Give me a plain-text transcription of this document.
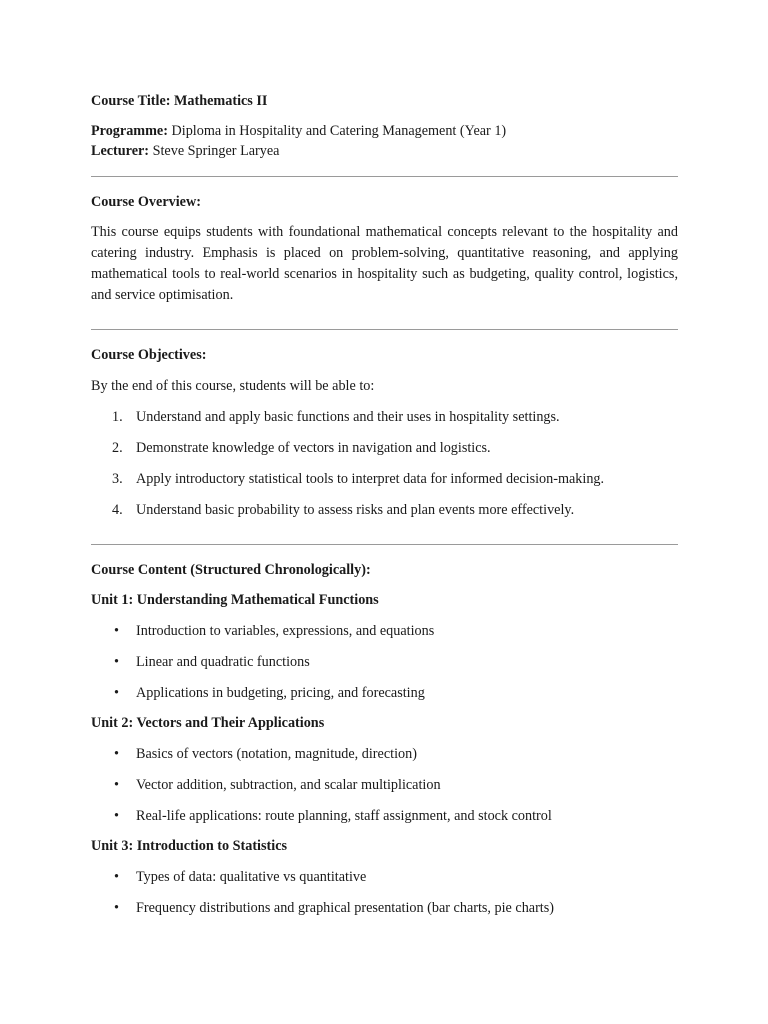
Course Title: Mathematics II

Programme: Diploma in Hospitality and Catering Management (Year 1)

Lecturer: Steve Springer Laryea

Course Overview:

This course equips students with foundational mathematical concepts relevant to the hospitality and catering industry. Emphasis is placed on problem-solving, quantitative reasoning, and applying mathematical tools to real-world scenarios in hospitality such as budgeting, quality control, logistics, and service optimisation.

Course Objectives:

By the end of this course, students will be able to:

1. Understand and apply basic functions and their uses in hospitality settings.
2. Demonstrate knowledge of vectors in navigation and logistics.
3. Apply introductory statistical tools to interpret data for informed decision-making.
4. Understand basic probability to assess risks and plan events more effectively.

Course Content (Structured Chronologically):

Unit 1: Understanding Mathematical Functions

• Introduction to variables, expressions, and equations
• Linear and quadratic functions
• Applications in budgeting, pricing, and forecasting

Unit 2: Vectors and Their Applications

• Basics of vectors (notation, magnitude, direction)
• Vector addition, subtraction, and scalar multiplication
• Real-life applications: route planning, staff assignment, and stock control

Unit 3: Introduction to Statistics

• Types of data: qualitative vs quantitative
• Frequency distributions and graphical presentation (bar charts, pie charts)
